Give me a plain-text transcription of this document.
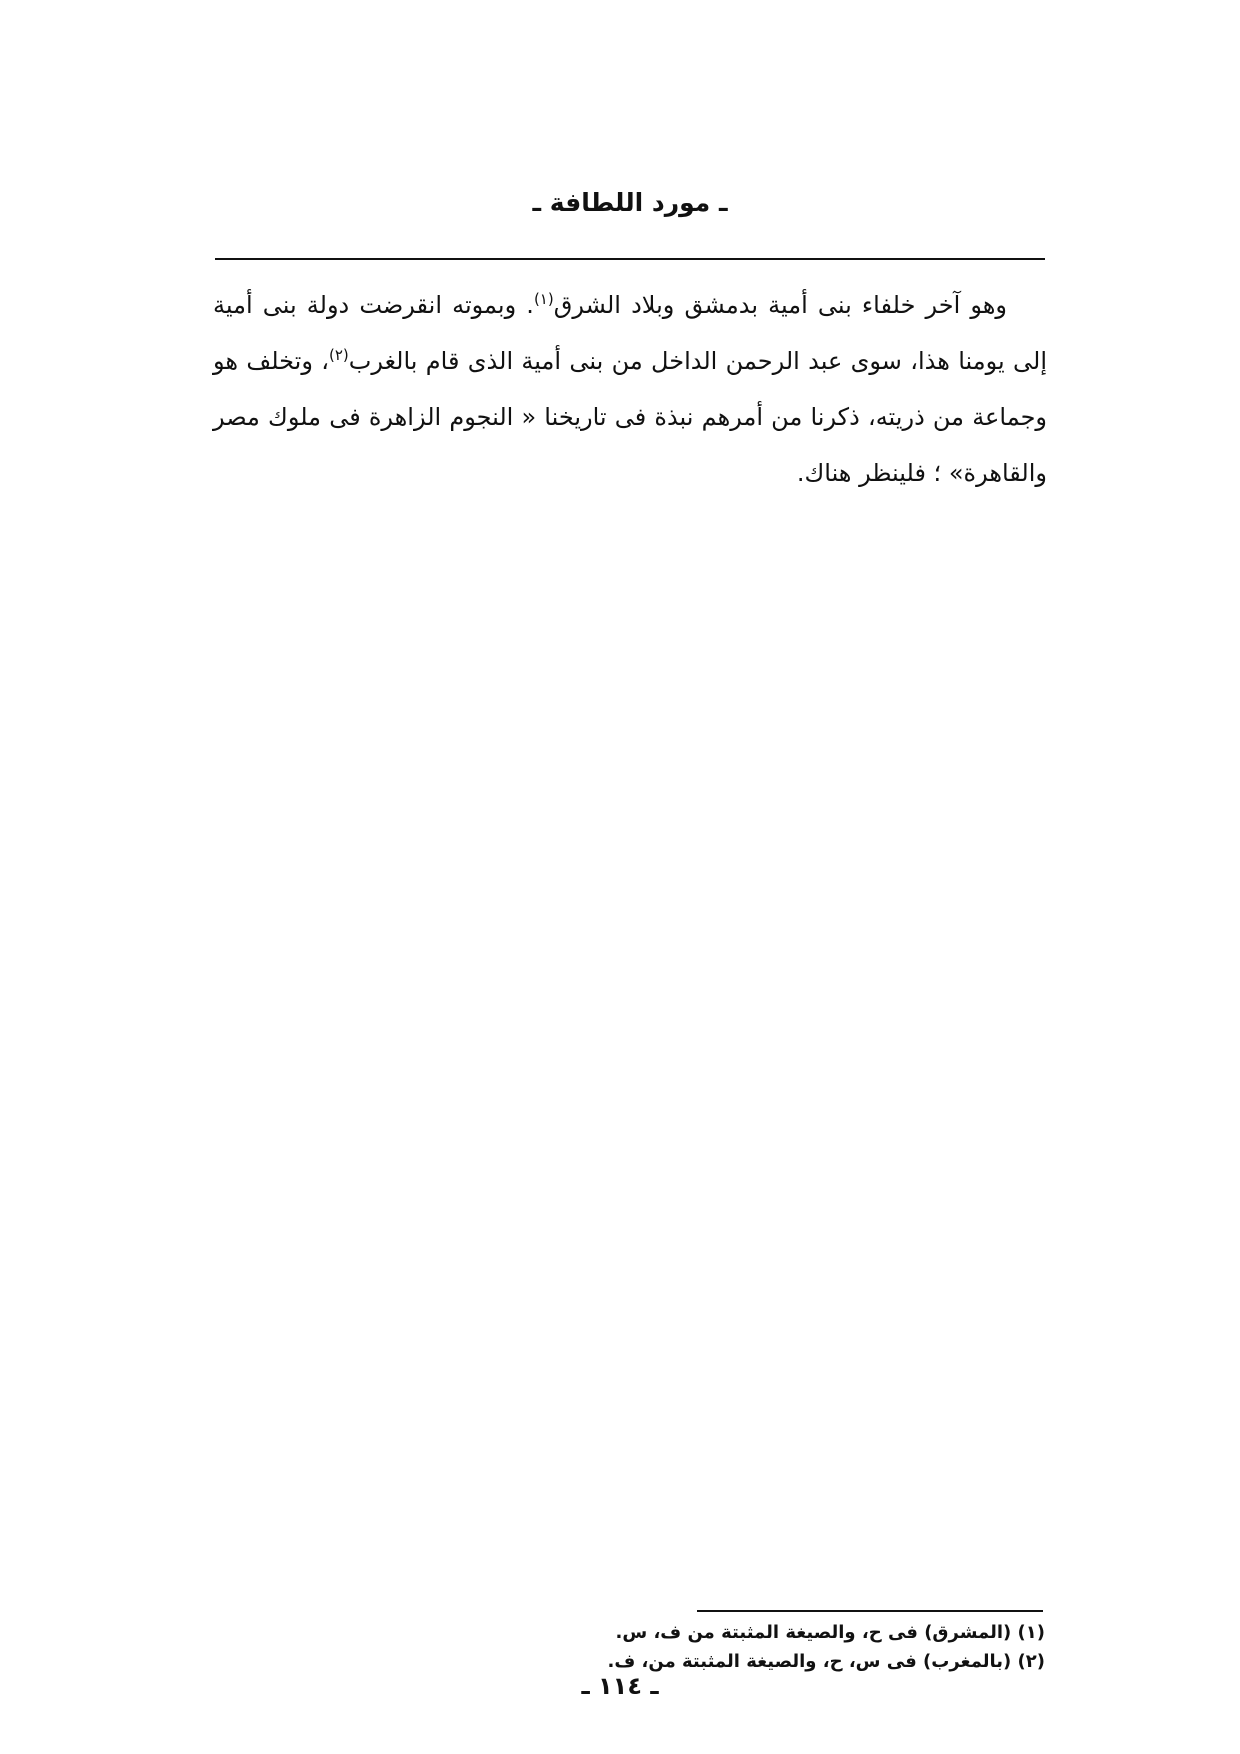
ـ مورد اللطافة ـ

وهو آخر خلفاء بنى أمية بدمشق وبلاد الشرق$^{(١)}$. وبموته انقرضت دولة بنى أمية إلى يومنا هذا، سوى عبد الرحمن الداخل من بنى أمية الذى قام بالغرب$^{(٢)}$، وتخلف هو وجماعة من ذريته، ذكرنا من أمرهم نبذة فى تاريخنا « النجوم الزاهرة فى ملوك مصر والقاهرة» ؛ فلينظر هناك.

(١) (المشرق) فى ح، والصيغة المثبتة من ف، س.
(٢) (بالمغرب) فى س، ح، والصيغة المثبتة من، ف.
ـ ١١٤ ـ
